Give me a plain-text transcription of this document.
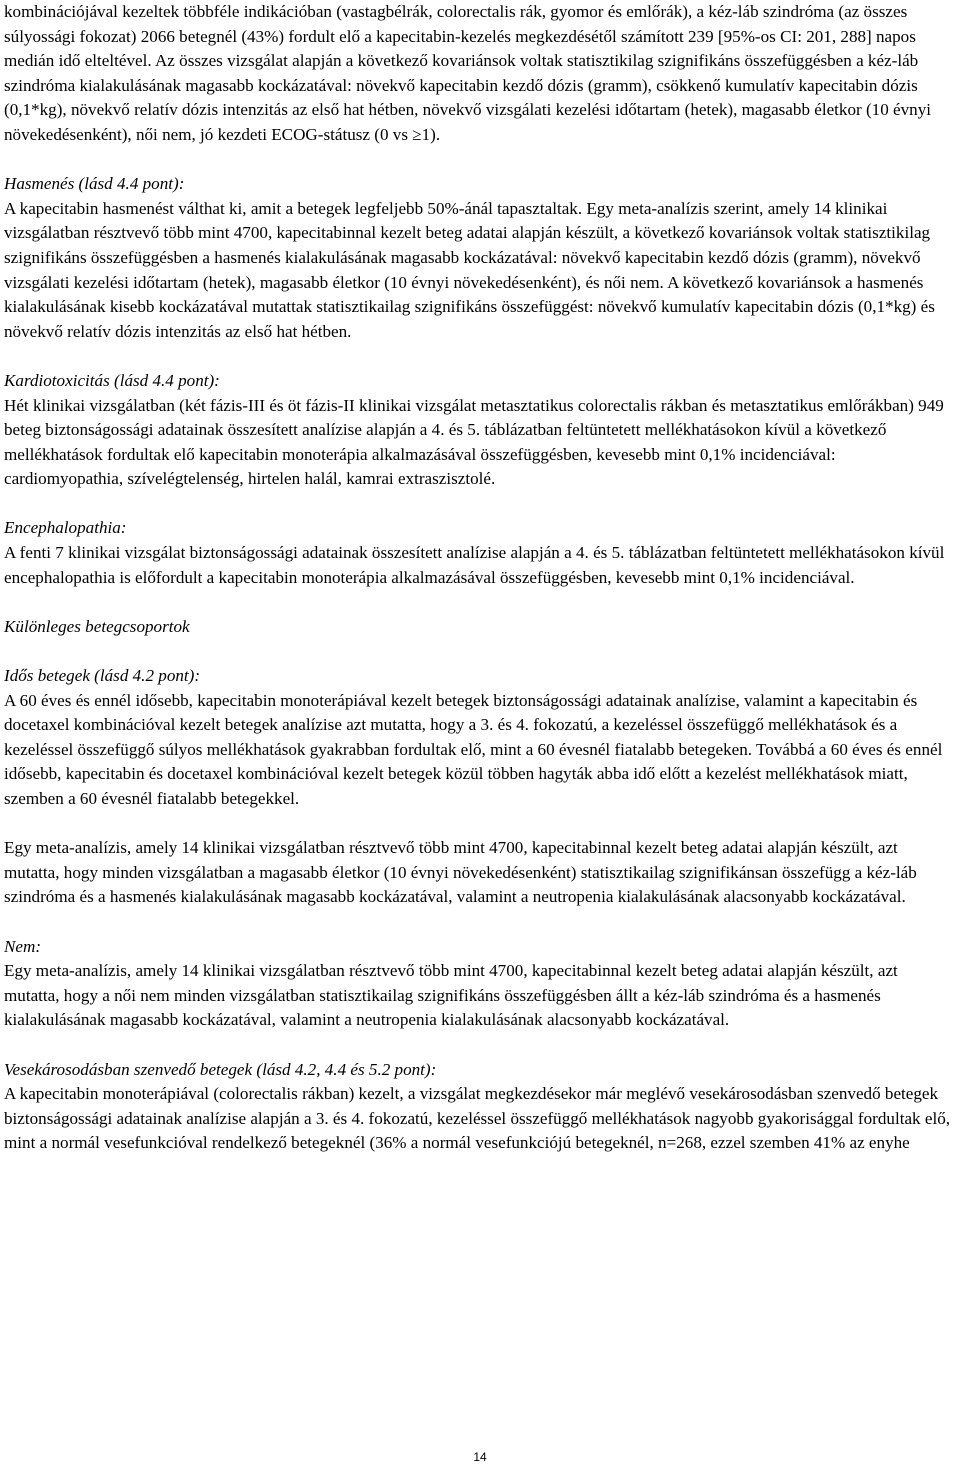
kombinációjával kezeltek többféle indikációban (vastagbélrák, colorectalis rák, gyomor és emlőrák), a kéz-láb szindróma (az összes súlyossági fokozat) 2066 betegnél (43%) fordult elő a kapecitabin-kezelés megkezdésétől számított 239 [95%-os CI: 201, 288] napos medián idő elteltével. Az összes vizsgálat alapján a következő kovariánsok voltak statisztikilag szignifikáns összefüggésben a kéz-láb szindróma kialakulásának magasabb kockázatával: növekvő kapecitabin kezdő dózis (gramm), csökkenő kumulatív kapecitabin dózis (0,1*kg), növekvő relatív dózis intenzitás az első hat hétben, növekvő vizsgálati kezelési időtartam (hetek), magasabb életkor (10 évnyi növekedésenként), női nem, jó kezdeti ECOG-státusz (0 vs ≥1).

Hasmenés (lásd 4.4 pont):

A kapecitabin hasmenést válthat ki, amit a betegek legfeljebb 50%-ánál tapasztaltak. Egy meta-analízis szerint, amely 14 klinikai vizsgálatban résztvevő több mint 4700, kapecitabinnal kezelt beteg adatai alapján készült, a következő kovariánsok voltak statisztikilag szignifikáns összefüggésben a hasmenés kialakulásának magasabb kockázatával: növekvő kapecitabin kezdő dózis (gramm), növekvő vizsgálati kezelési időtartam (hetek), magasabb életkor (10 évnyi növekedésenként), és női nem. A következő kovariánsok a hasmenés kialakulásának kisebb kockázatával mutattak statisztikailag szignifikáns összefüggést: növekvő kumulatív kapecitabin dózis (0,1*kg) és növekvő relatív dózis intenzitás az első hat hétben.

Kardiotoxicitás (lásd 4.4 pont):

Hét klinikai vizsgálatban (két fázis-III és öt fázis-II klinikai vizsgálat metasztatikus colorectalis rákban és metasztatikus emlőrákban) 949 beteg biztonságossági adatainak összesített analízise alapján a 4. és 5. táblázatban feltüntetett mellékhatásokon kívül a következő mellékhatások fordultak elő kapecitabin monoterápia alkalmazásával összefüggésben, kevesebb mint 0,1% incidenciával: cardiomyopathia, szívelégtelenség, hirtelen halál, kamrai extraszisztolé.

Encephalopathia:

A fenti 7 klinikai vizsgálat biztonságossági adatainak összesített analízise alapján a 4. és 5. táblázatban feltüntetett mellékhatásokon kívül encephalopathia is előfordult a kapecitabin monoterápia alkalmazásával összefüggésben, kevesebb mint 0,1% incidenciával.

Különleges betegcsoportok

Idős betegek (lásd 4.2 pont):

A 60 éves és ennél idősebb, kapecitabin monoterápiával kezelt betegek biztonságossági adatainak analízise, valamint a kapecitabin és docetaxel kombinációval kezelt betegek analízise azt mutatta, hogy a 3. és 4. fokozatú, a kezeléssel összefüggő mellékhatások és a kezeléssel összefüggő súlyos mellékhatások gyakrabban fordultak elő, mint a 60 évesnél fiatalabb betegeken. Továbbá a 60 éves és ennél idősebb, kapecitabin és docetaxel kombinációval kezelt betegek közül többen hagyták abba idő előtt a kezelést mellékhatások miatt, szemben a 60 évesnél fiatalabb betegekkel.

Egy meta-analízis, amely 14 klinikai vizsgálatban résztvevő több mint 4700, kapecitabinnal kezelt beteg adatai alapján készült, azt mutatta, hogy minden vizsgálatban a magasabb életkor (10 évnyi növekedésenként) statisztikailag szignifikánsan összefügg a kéz-láb szindróma és a hasmenés kialakulásának magasabb kockázatával, valamint a neutropenia kialakulásának alacsonyabb kockázatával.

Nem:

Egy meta-analízis, amely 14 klinikai vizsgálatban résztvevő több mint 4700, kapecitabinnal kezelt beteg adatai alapján készült, azt mutatta, hogy a női nem minden vizsgálatban statisztikailag szignifikáns összefüggésben állt a kéz-láb szindróma és a hasmenés kialakulásának magasabb kockázatával, valamint a neutropenia kialakulásának alacsonyabb kockázatával.

Vesekárosodásban szenvedő betegek (lásd 4.2, 4.4 és 5.2 pont):

A kapecitabin monoterápiával (colorectalis rákban) kezelt, a vizsgálat megkezdésekor már meglévő vesekárosodásban szenvedő betegek biztonságossági adatainak analízise alapján a 3. és 4. fokozatú, kezeléssel összefüggő mellékhatások nagyobb gyakorisággal fordultak elő, mint a normál vesefunkcióval rendelkező betegeknél (36% a normál vesefunkciójú betegeknél, n=268, ezzel szemben 41% az enyhe

14
